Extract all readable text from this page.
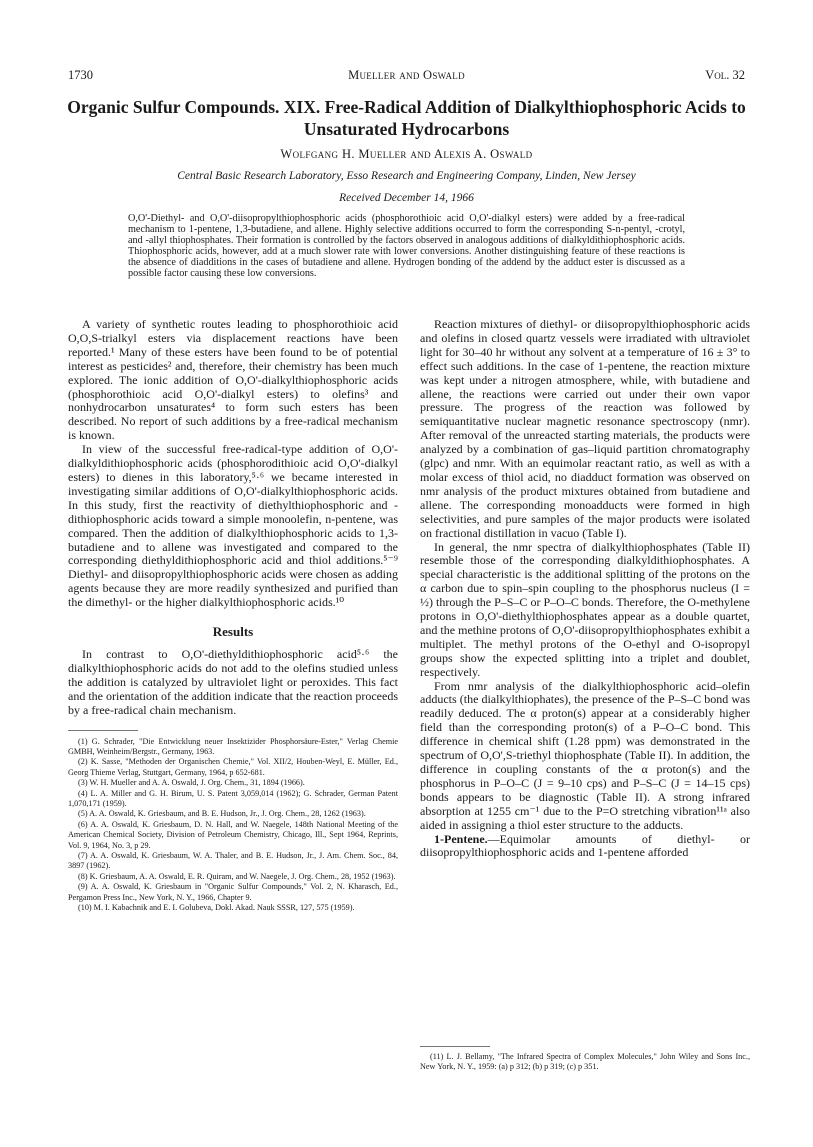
1730	Mueller and Oswald	Vol. 32
Organic Sulfur Compounds. XIX. Free-Radical Addition of Dialkylthiophosphoric Acids to Unsaturated Hydrocarbons
Wolfgang H. Mueller and Alexis A. Oswald
Central Basic Research Laboratory, Esso Research and Engineering Company, Linden, New Jersey
Received December 14, 1966
O,O'-Diethyl- and O,O'-diisopropylthiophosphoric acids (phosphorothioic acid O,O'-dialkyl esters) were added by a free-radical mechanism to 1-pentene, 1,3-butadiene, and allene. Highly selective additions occurred to form the corresponding S-n-pentyl, -crotyl, and -allyl thiophosphates. Their formation is controlled by the factors observed in analogous additions of dialkyldithiophosphoric acids. Thiophosphoric acids, however, add at a much slower rate with lower conversions. Another distinguishing feature of these reactions is the absence of diadditions in the cases of butadiene and allene. Hydrogen bonding of the addend by the adduct ester is discussed as a possible factor causing these low conversions.

A variety of synthetic routes leading to phosphorothioic acid O,O,S-trialkyl esters via displacement reactions have been reported.¹ Many of these esters have been found to be of potential interest as pesticides² and, therefore, their chemistry has been much explored. The ionic addition of O,O'-dialkylthiophosphoric acids (phosphorothioic acid O,O'-dialkyl esters) to olefins³ and nonhydrocarbon unsaturates⁴ to form such esters has been described. No report of such additions by a free-radical mechanism is known.

In view of the successful free-radical-type addition of O,O'-dialkyldithiophosphoric acids (phosphorodithioic acid O,O'-dialkyl esters) to dienes in this laboratory,⁵·⁶ we became interested in investigating similar additions of O,O'-dialkylthiophosphoric acids. In this study, first the reactivity of diethylthiophosphoric and -dithiophosphoric acids toward a simple monoolefin, n-pentene, was compared. Then the addition of dialkylthiophosphoric acids to 1,3-butadiene and to allene was investigated and compared to the corresponding diethyldithiophosphoric acid and thiol additions.⁵⁻⁹ Diethyl- and diisopropylthiophosphoric acids were chosen as adding agents because they are more readily synthesized and purified than the dimethyl- or the higher dialkylthiophosphoric acids.¹⁰

Results

In contrast to O,O'-diethyldithiophosphoric acid⁵·⁶ the dialkylthiophosphoric acids do not add to the olefins studied unless the addition is catalyzed by ultraviolet light or peroxides. This fact and the orientation of the addition indicate that the reaction proceeds by a free-radical chain mechanism.

(1) G. Schrader, "Die Entwicklung neuer Insektizider Phosphorsäure-Ester," Verlag Chemie GMBH, Weinheim/Bergstr., Germany, 1963.

(2) K. Sasse, "Methoden der Organischen Chemie," Vol. XII/2, Houben-Weyl, E. Müller, Ed., Georg Thieme Verlag, Stuttgart, Germany, 1964, p 652-681.

(3) W. H. Mueller and A. A. Oswald, J. Org. Chem., 31, 1894 (1966).

(4) L. A. Miller and G. H. Birum, U. S. Patent 3,059,014 (1962); G. Schrader, German Patent 1,070,171 (1959).

(5) A. A. Oswald, K. Griesbaum, and B. E. Hudson, Jr., J. Org. Chem., 28, 1262 (1963).

(6) A. A. Oswald, K. Griesbaum, D. N. Hall, and W. Naegele, 148th National Meeting of the American Chemical Society, Division of Petroleum Chemistry, Chicago, Ill., Sept 1964, Reprints, Vol. 9, 1964, No. 3, p 29.

(7) A. A. Oswald, K. Griesbaum, W. A. Thaler, and B. E. Hudson, Jr., J. Am. Chem. Soc., 84, 3897 (1962).

(8) K. Griesbaum, A. A. Oswald, E. R. Quiram, and W. Naegele, J. Org. Chem., 28, 1952 (1963).

(9) A. A. Oswald, K. Griesbaum in "Organic Sulfur Compounds," Vol. 2, N. Kharasch, Ed., Pergamon Press Inc., New York, N. Y., 1966, Chapter 9.

(10) M. I. Kabachnik and E. I. Golubeva, Dokl. Akad. Nauk SSSR, 127, 575 (1959).

Reaction mixtures of diethyl- or diisopropylthiophosphoric acids and olefins in closed quartz vessels were irradiated with ultraviolet light for 30–40 hr without any solvent at a temperature of 16 ± 3° to effect such additions. In the case of 1-pentene, the reaction mixture was kept under a nitrogen atmosphere, while, with butadiene and allene, the reactions were carried out under their own vapor pressure. The progress of the reaction was followed by semiquantitative nuclear magnetic resonance spectroscopy (nmr). After removal of the unreacted starting materials, the products were analyzed by a combination of gas–liquid partition chromatography (glpc) and nmr. With an equimolar reactant ratio, as well as with a molar excess of thiol acid, no diadduct formation was observed on nmr analysis of the product mixtures obtained from butadiene and allene. The corresponding monoadducts were formed in high selectivities, and pure samples of the major products were isolated on fractional distillation in vacuo (Table I).

In general, the nmr spectra of dialkylthiophosphates (Table II) resemble those of the corresponding dialkyldithiophosphates. A special characteristic is the additional splitting of the protons on the α carbon due to spin–spin coupling to the phosphorus nucleus (I = ½) through the P–S–C or P–O–C bonds. Therefore, the O-methylene protons in O,O'-diethylthiophosphates appear as a double quartet, and the methine protons of O,O'-diisopropylthiophosphates exhibit a multiplet. The methyl protons of the O-ethyl and O-isopropyl groups show the expected splitting into a triplet and doublet, respectively.

From nmr analysis of the dialkylthiophosphoric acid–olefin adducts (the dialkylthiophates), the presence of the P–S–C bond was readily deduced. The α proton(s) appear at a considerably higher field than the corresponding proton(s) of a P–O–C bond. This difference in chemical shift (1.28 ppm) was demonstrated in the spectrum of O,O',S-triethyl thiophosphate (Table II). In addition, the difference in coupling constants of the α proton(s) and the phosphorus in P–O–C (J = 9–10 cps) and P–S–C (J = 14–15 cps) bonds appears to be diagnostic (Table II). A strong infrared absorption at 1255 cm⁻¹ due to the P=O stretching vibration¹¹ᵃ also aided in assigning a thiol ester structure to the adducts.

1-Pentene.—Equimolar amounts of diethyl- or diisopropylthiophosphoric acids and 1-pentene afforded

(11) L. J. Bellamy, "The Infrared Spectra of Complex Molecules," John Wiley and Sons Inc., New York, N. Y., 1959: (a) p 312; (b) p 319; (c) p 351.
